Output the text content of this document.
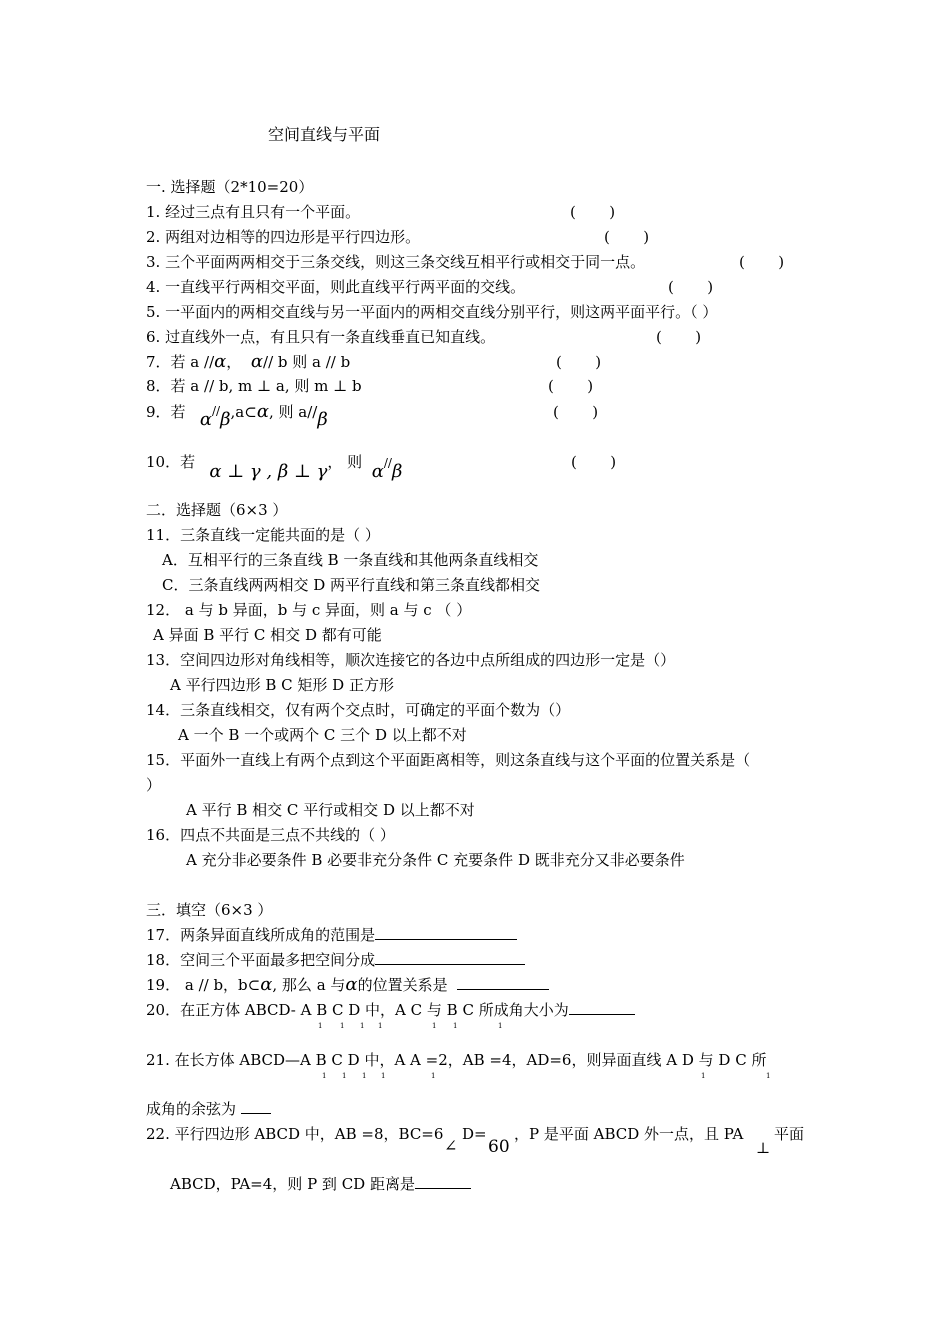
空间直线与平面
一. 选择题（2*10=20）
1. 经过三点有且只有一个平面。	(       )
2. 两组对边相等的四边形是平行四边形。	(       )
3. 三个平面两两相交于三条交线，则这三条交线互相平行或相交于同一点。	(       )
4. 一直线平行两相交平面，则此直线平行两平面的交线。	(       )
5. 一平面内的两相交直线与另一平面内的两相交直线分别平行，则这两平面平行。（ ）
6. 过直线外一点，有且只有一条直线垂直已知直线。	(       )
7．若 a //α， α// b 则 a // b	(       )
8．若 a // b, m ⊥ a, 则 m ⊥ b	(       )
9．若 α//β,a⊂α, 则 a//β	(       )
10．若 α ⊥ γ , β ⊥ γ， 则 α//β	(       )
二．选择题（6×3 ）
11．三条直线一定能共面的是（ ）
A．互相平行的三条直线 B 一条直线和其他两条直线相交
C．三条直线两两相交 D 两平行直线和第三条直线都相交
12． a 与 b 异面，b 与 c 异面，则 a 与 c （ ）
A 异面 B 平行 C 相交 D 都有可能
13．空间四边形对角线相等，顺次连接它的各边中点所组成的四边形一定是（）
A 平行四边形 B C 矩形 D 正方形
14．三条直线相交，仅有两个交点时，可确定的平面个数为（）
A 一个 B 一个或两个 C 三个 D 以上都不对
15．平面外一直线上有两个点到这个平面距离相等，则这条直线与这个平面的位置关系是（
）
A 平行 B 相交 C 平行或相交 D 以上都不对
16．四点不共面是三点不共线的（ ）
A 充分非必要条件 B 必要非充分条件 C 充要条件 D 既非充分又非必要条件
三．填空（6×3 ）
17．两条异面直线所成角的范围是
18．空间三个平面最多把空间分成
19． a // b，b⊂α, 那么 a 与α的位置关系是
20．在正方体 ABCD- A B C D 中，A C 与 B C 所成角大小为
1	1 1 1	1 1	1
21. 在长方体 ABCD—A B C D 中，A A =2，AB =4，AD=6，则异面直线 A D 与 D C 所
1 1 1 1	1	1	1
成角的余弦为
22. 平行四边形 ABCD 中，AB =8，BC=6
∠
D=
60
，P 是平面 ABCD 外一点，且 PA
⊥
平面
ABCD，PA=4，则 P 到 CD 距离是
